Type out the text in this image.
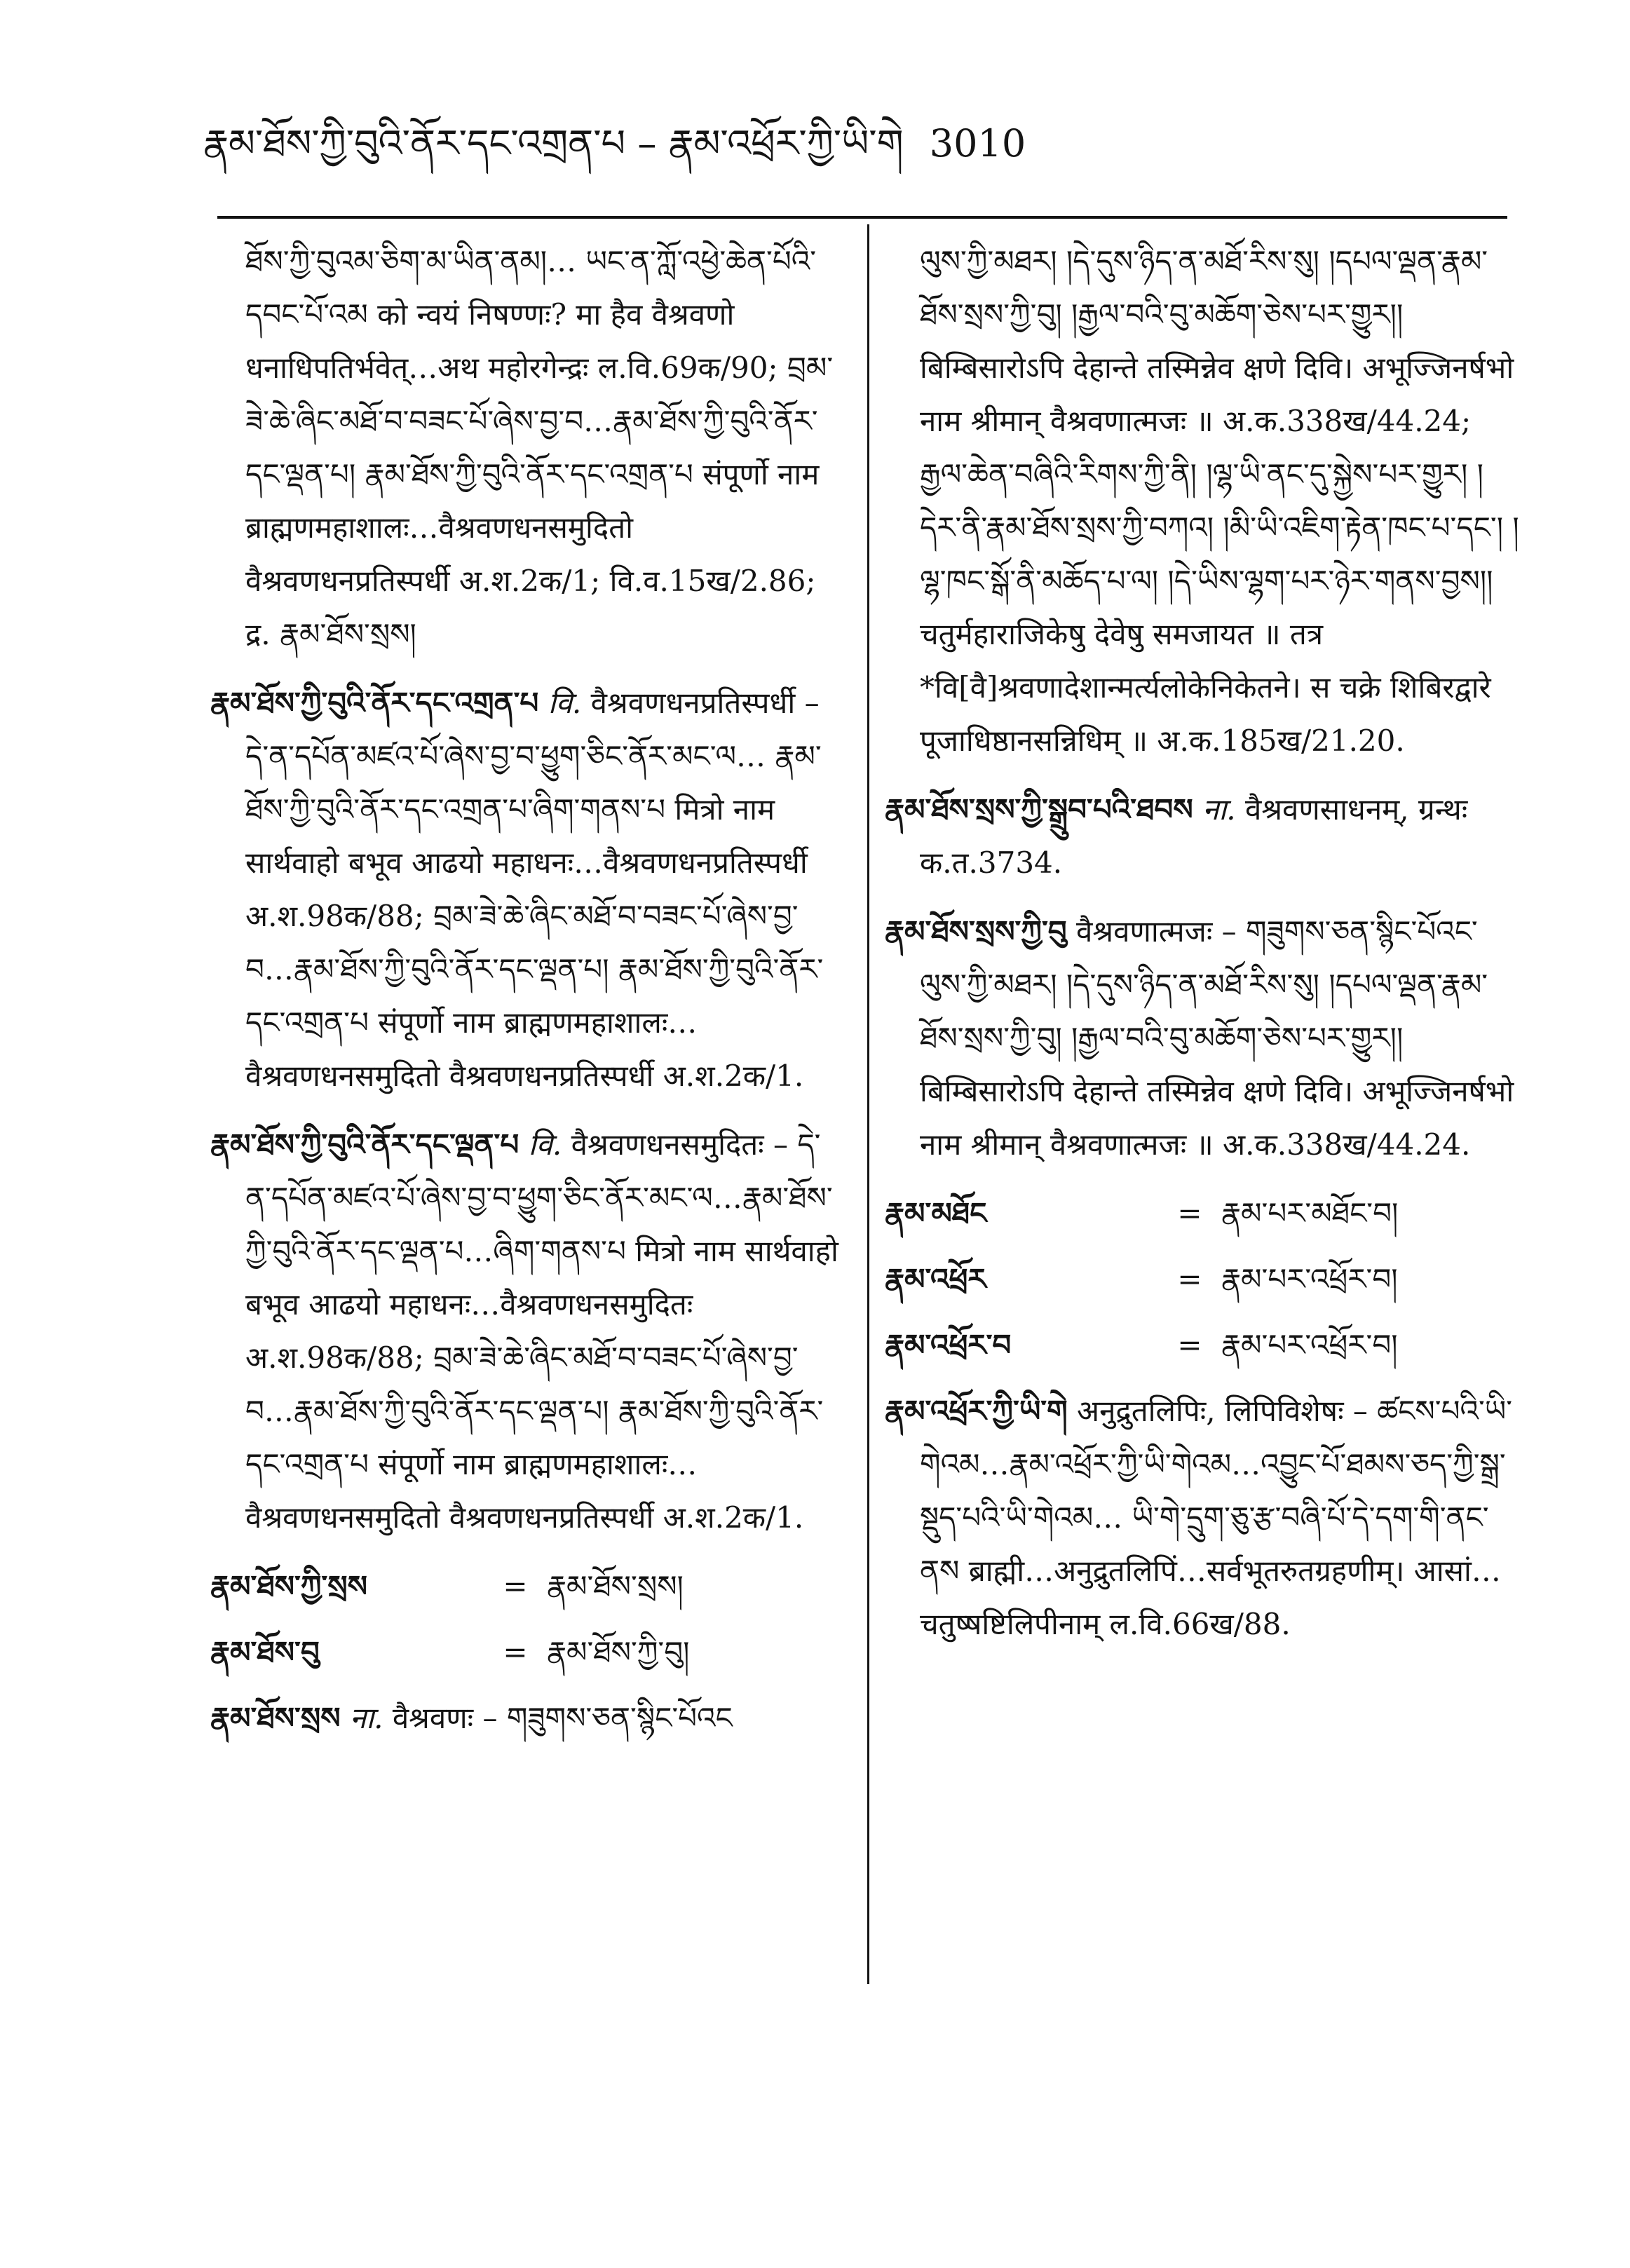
རྣམ་ཐོས་ཀྱི་བུའི་ནོར་དང་འགྲན་པ – རྣམ་འཕྲོར་ཀྱི་ཡི་གེ 3010

ཐོས་ཀྱི་བུའམ་ཅིག་མ་ཡིན་ནམ།… ཡང་ན་ཀློ་འཕྱེ་ཆེན་པོའི་དབང་པོ་འམ को न्वयं निषण्णः? मा हैव वैश्रवणो धनाधिपतिर्भवेत्…अथ महोरगेन्द्रः ल.वि.69क/90; བྲམ་ཟེ་ཆེ་ཞིང་མཐོ་བ་བཟང་པོ་ཞེས་བྱ་བ…རྣམ་ཐོས་ཀྱི་བུའི་ནོར་དང་ལྡན་པ། རྣམ་ཐོས་ཀྱི་བུའི་ནོར་དང་འགྲན་པ संपूर्णो नाम ब्राह्मणमहाशालः…वैश्रवणधनसमुदितो वैश्रवणधनप्रतिस्पर्धी अ.श.2क/1; वि.व.15ख/2.86; द्र. རྣམ་ཐོས་སྲས།

རྣམ་ཐོས་ཀྱི་བུའི་ནོར་དང་འགྲན་པ वि. वैश्रवणधनप्रतिस्पर्धी – དེ་ན་དཔོན་མཛའ་པོ་ཞེས་བྱ་བ་ཕྱུག་ཅིང་ནོར་མང་ལ… རྣམ་ཐོས་ཀྱི་བུའི་ནོར་དང་འགྲན་པ་ཞིག་གནས་པ मित्रो नाम सार्थवाहो बभूव आढयो महाधनः…वैश्रवणधनप्रतिस्पर्धी अ.श.98क/88; བྲམ་ཟེ་ཆེ་ཞིང་མཐོ་བ་བཟང་པོ་ཞེས་བྱ་བ…རྣམ་ཐོས་ཀྱི་བུའི་ནོར་དང་ལྡན་པ། རྣམ་ཐོས་ཀྱི་བུའི་ནོར་དང་འགྲན་པ संपूर्णो नाम ब्राह्मणमहाशालः…वैश्रवणधनसमुदितो वैश्रवणधनप्रतिस्पर्धी अ.श.2क/1.

རྣམ་ཐོས་ཀྱི་བུའི་ནོར་དང་ལྡན་པ वि. वैश्रवणधनसमुदितः – དེ་ན་དཔོན་མཛའ་པོ་ཞེས་བྱ་བ་ཕྱུག་ཅིང་ནོར་མང་ལ…རྣམ་ཐོས་ཀྱི་བུའི་ནོར་དང་ལྡན་པ…ཞིག་གནས་པ मित्रो नाम सार्थवाहो बभूव आढयो महाधनः…वैश्रवणधनसमुदितः अ.श.98क/88; བྲམ་ཟེ་ཆེ་ཞིང་མཐོ་བ་བཟང་པོ་ཞེས་བྱ་བ…རྣམ་ཐོས་ཀྱི་བུའི་ནོར་དང་ལྡན་པ། རྣམ་ཐོས་ཀྱི་བུའི་ནོར་དང་འགྲན་པ संपूर्णो नाम ब्राह्मणमहाशालः…वैश्रवणधनसमुदितो वैश्रवणधनप्रतिस्पर्धी अ.श.2क/1.

རྣམ་ཐོས་ཀྱི་སྲས	= རྣམ་ཐོས་སྲས།
རྣམ་ཐོས་བུ	= རྣམ་ཐོས་ཀྱི་བུ།

རྣམ་ཐོས་སྲས ना. वैश्रवणः – གཟུགས་ཅན་སྙིང་པོའང

ལུས་ཀྱི་མཐར། །དེ་དུས་ཉིད་ན་མཐོ་རིས་སུ། །དཔལ་ལྡན་རྣམ་ཐོས་སྲས་ཀྱི་བུ། །རྒྱལ་བའི་བུ་མཆོག་ཅེས་པར་གྱུར།། बिम्बिसारोऽपि देहान्ते तस्मिन्नेव क्षणे दिवि। अभूज्जिनर्षभो नाम श्रीमान् वैश्रवणात्मजः ॥ अ.क.338ख/44.24; རྒྱལ་ཆེན་བཞིའི་རིགས་ཀྱི་ནི། །ལྷ་ཡི་ནང་དུ་སྐྱེས་པར་གྱུར། །དེར་ནི་རྣམ་ཐོས་སྲས་ཀྱི་བཀའ། །མི་ཡི་འཇིག་རྟེན་ཁང་པ་དང་། །ལྷ་ཁང་སྒོ་ནི་མཆོད་པ་ལ། །དེ་ཡིས་ལྷག་པར་ཉེར་གནས་བྱས།། चतुर्महाराजिकेषु देवेषु समजायत ॥ तत्र *वि[वै]श्रवणादेशान्मर्त्यलोकेनिकेतने। स चक्रे शिबिरद्वारे पूजाधिष्ठानसन्निधिम् ॥ अ.क.185ख/21.20.

རྣམ་ཐོས་སྲས་ཀྱི་སྒྲུབ་པའི་ཐབས ना. वैश्रवणसाधनम्, ग्रन्थः क.त.3734.

རྣམ་ཐོས་སྲས་ཀྱི་བུ वैश्रवणात्मजः – གཟུགས་ཅན་སྙིང་པོའང་ལུས་ཀྱི་མཐར། །དེ་དུས་ཉིད་ན་མཐོ་རིས་སུ། །དཔལ་ལྡན་རྣམ་ཐོས་སྲས་ཀྱི་བུ། །རྒྱལ་བའི་བུ་མཆོག་ཅེས་པར་གྱུར།། बिम्बिसारोऽपि देहान्ते तस्मिन्नेव क्षणे दिवि। अभूज्जिनर्षभो नाम श्रीमान् वैश्रवणात्मजः ॥ अ.क.338ख/44.24.

རྣམ་མཐོང	= རྣམ་པར་མཐོང་བ།
རྣམ་འཕྲོར	= རྣམ་པར་འཕྲོར་བ།
རྣམ་འཕྲོར་བ	= རྣམ་པར་འཕྲོར་བ།

རྣམ་འཕྲོར་ཀྱི་ཡི་གེ अनुद्रुतलिपिः, लिपिविशेषः – ཚངས་པའི་ཡི་གེའམ…རྣམ་འཕྲོར་ཀྱི་ཡི་གེའམ…འབྱུང་པོ་ཐམས་ཅད་ཀྱི་སྒྲ་སྡུད་པའི་ཡི་གེའམ… ཡི་གེ་དྲུག་ཅུ་རྩ་བཞི་པོ་དེ་དག་གི་ནང་ནས ब्राह्मी…अनुद्रुतलिपिं…सर्वभूतरुतग्रहणीम्। आसां…चतुष्षष्टिलिपीनाम् ल.वि.66ख/88.
